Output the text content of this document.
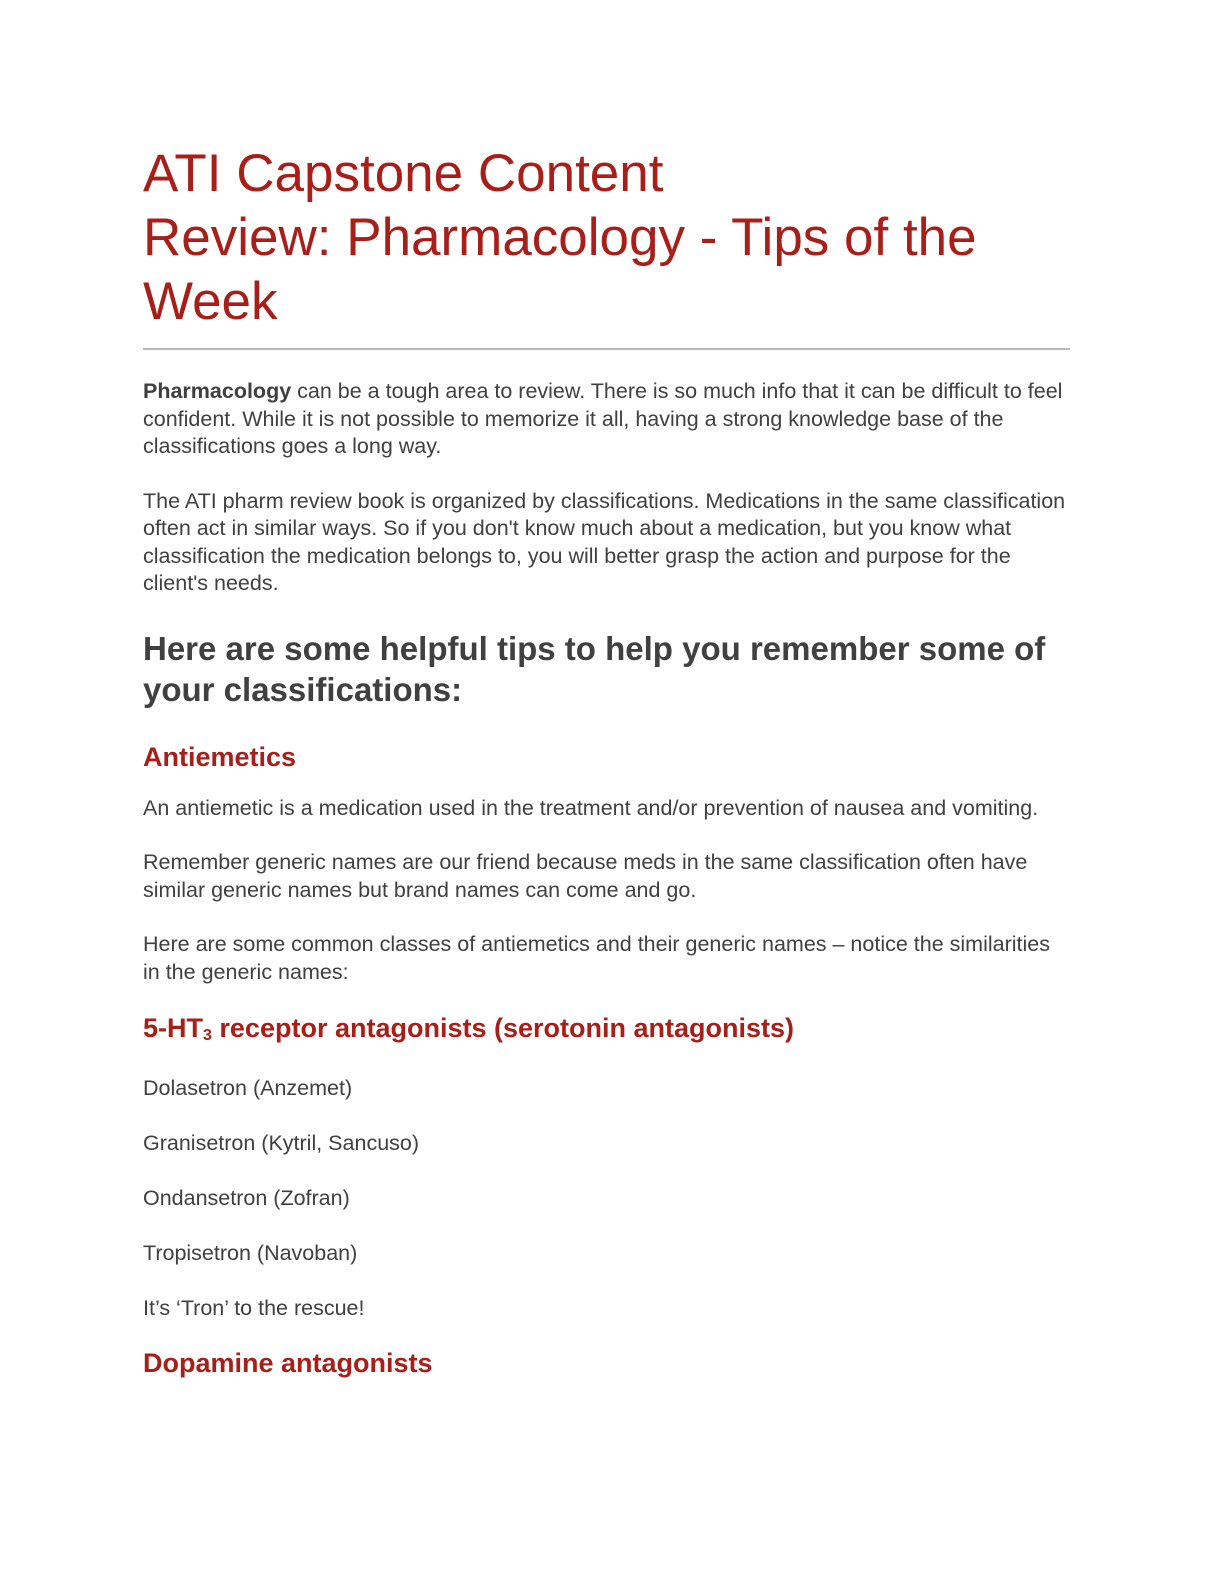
ATI Capstone Content
Review: Pharmacology - Tips of the
Week

Pharmacology can be a tough area to review. There is so much info that it can be difficult to feel confident. While it is not possible to memorize it all, having a strong knowledge base of the classifications goes a long way.

The ATI pharm review book is organized by classifications. Medications in the same classification often act in similar ways. So if you don't know much about a medication, but you know what classification the medication belongs to, you will better grasp the action and purpose for the client's needs.

Here are some helpful tips to help you remember some of your classifications:
Antiemetics

An antiemetic is a medication used in the treatment and/or prevention of nausea and vomiting.

Remember generic names are our friend because meds in the same classification often have similar generic names but brand names can come and go.

Here are some common classes of antiemetics and their generic names – notice the similarities in the generic names:

$5-HT_3$ receptor antagonists (serotonin antagonists)

Dolasetron (Anzemet)

Granisetron (Kytril, Sancuso)

Ondansetron (Zofran)

Tropisetron (Navoban)

It’s ‘Tron’ to the rescue!

Dopamine antagonists
